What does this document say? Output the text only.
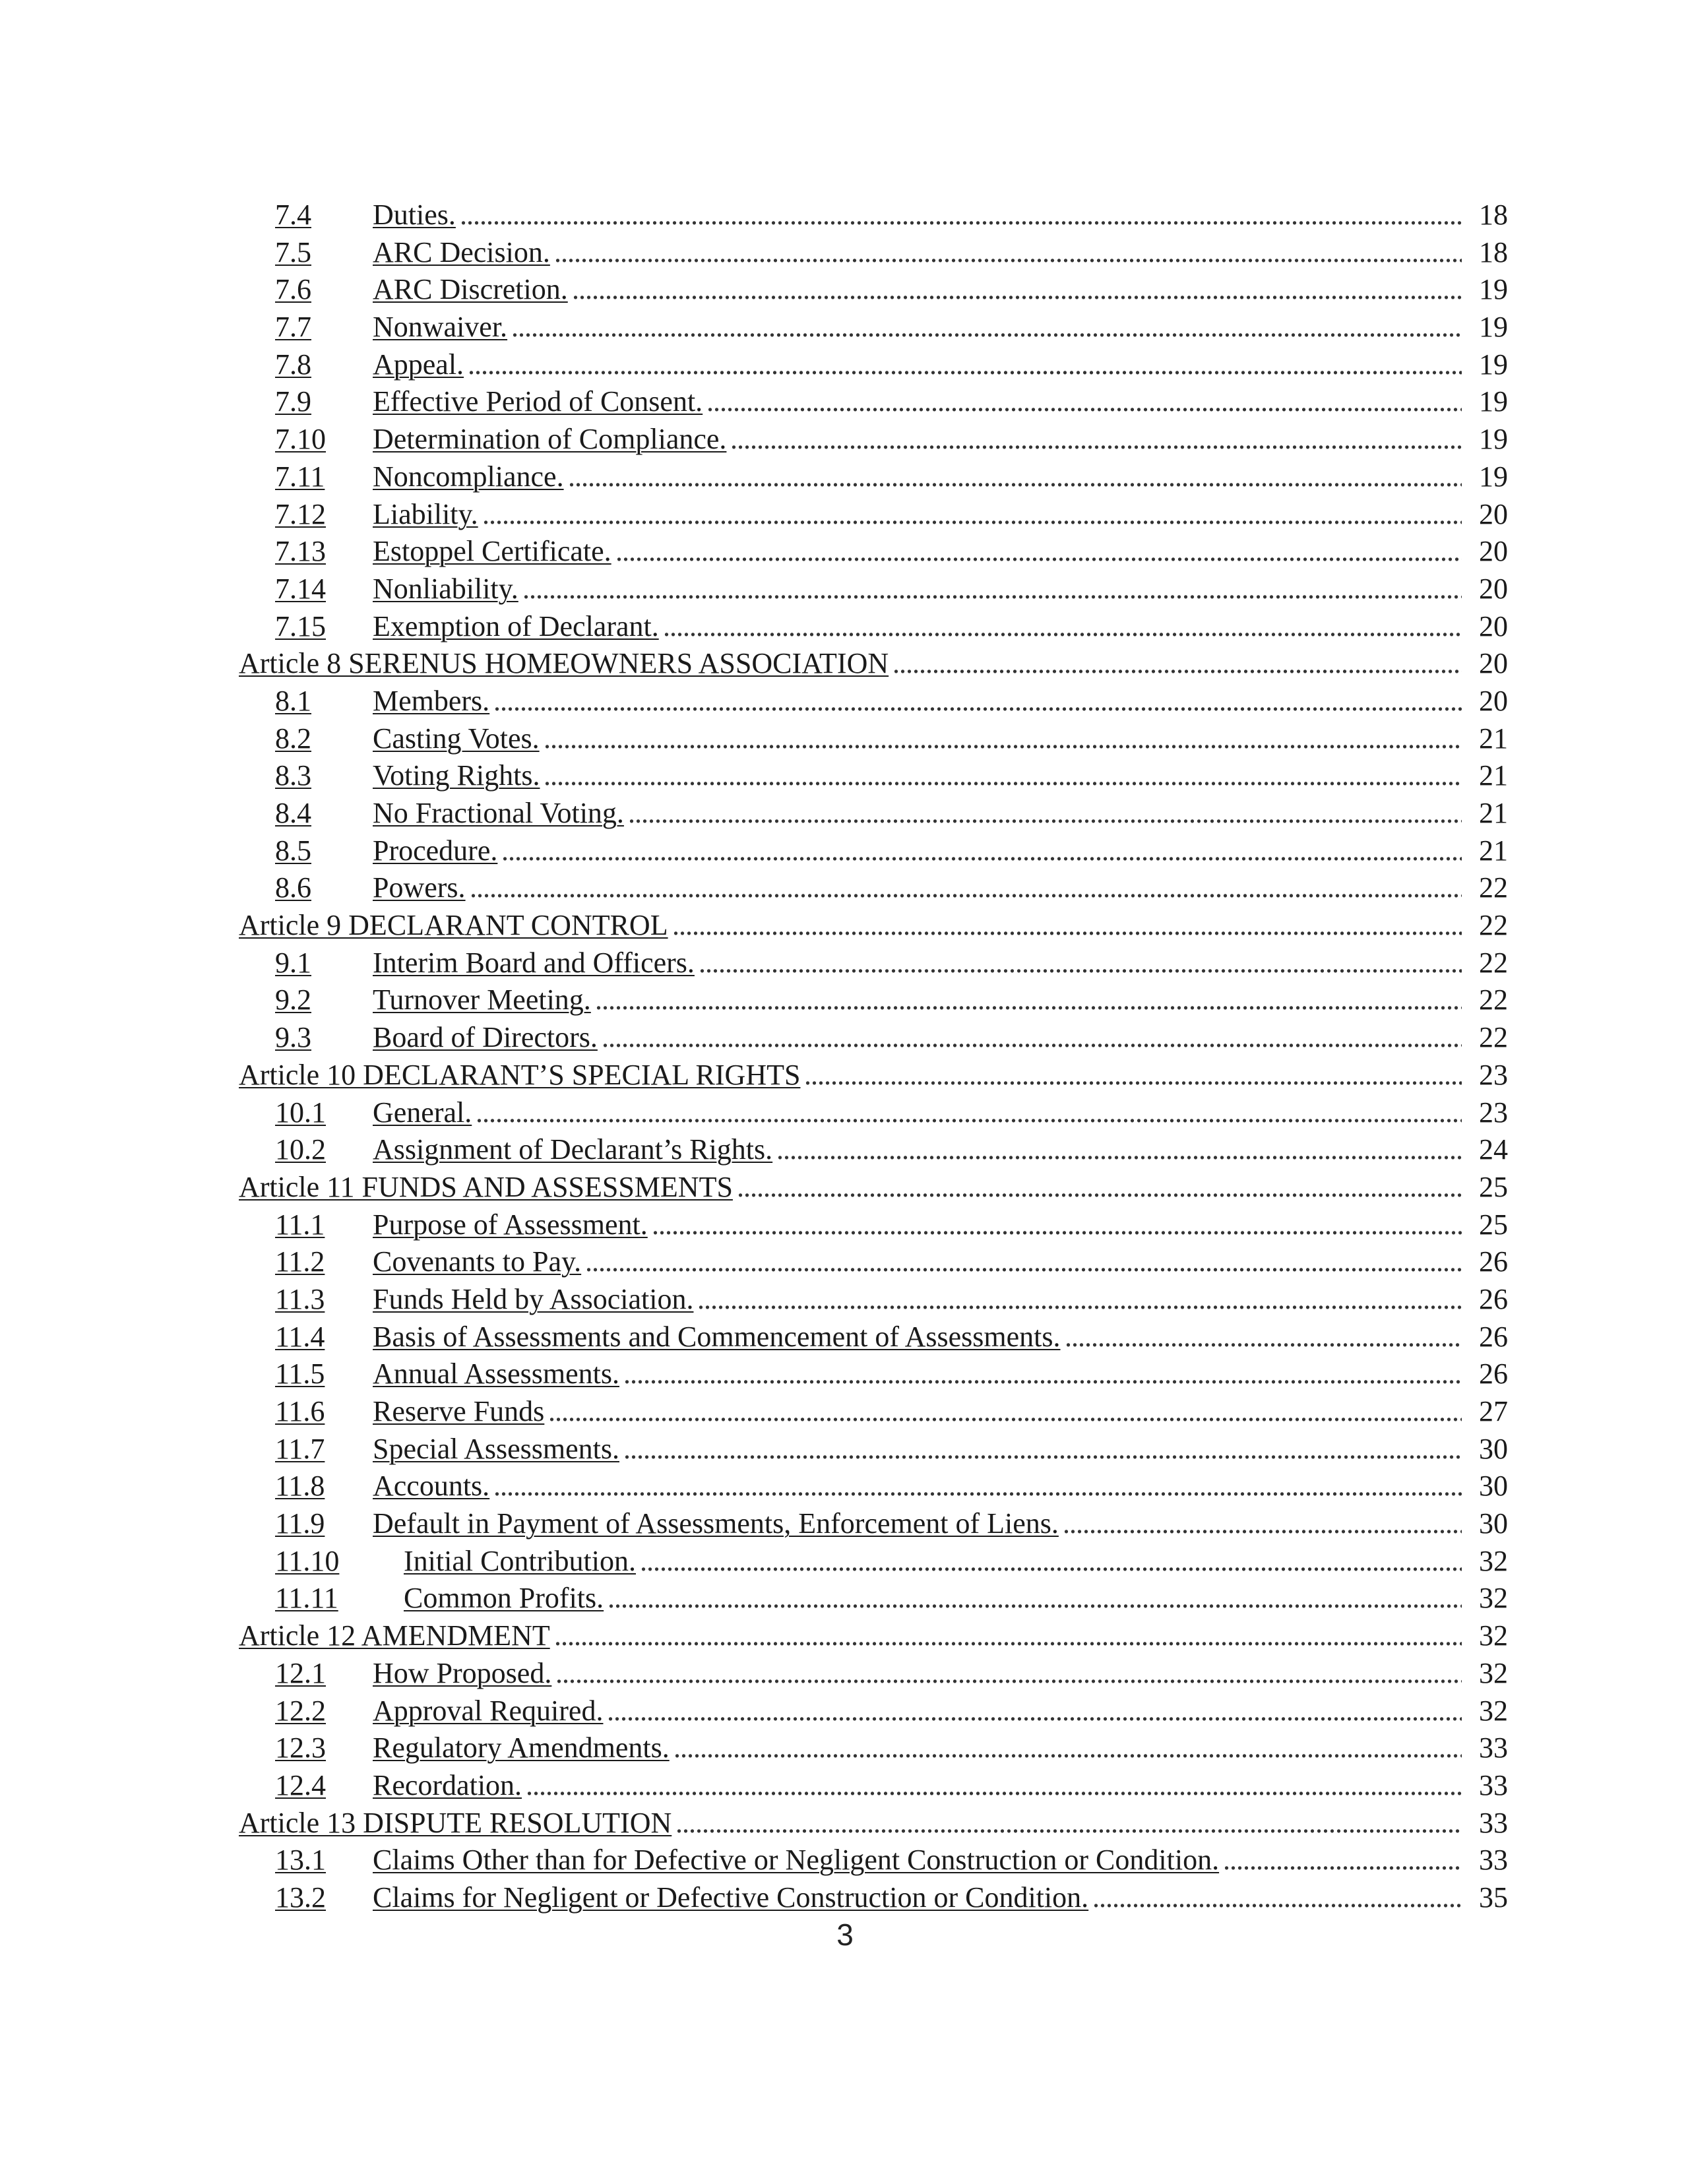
7.4 Duties. . . .	18
7.5 ARC Decision. . . .	18
7.6 ARC Discretion. . . .	19
7.7 Nonwaiver. . . .	19
7.8 Appeal. . . .	19
7.9 Effective Period of Consent. . . .	19
7.10 Determination of Compliance. . . .	19
7.11 Noncompliance. . . .	19
7.12 Liability. . . .	20
7.13 Estoppel Certificate. . . .	20
7.14 Nonliability. . . .	20
7.15 Exemption of Declarant. . . .	20
Article 8 SERENUS HOMEOWNERS ASSOCIATION . . .	20
8.1 Members. . . .	20
8.2 Casting Votes. . . .	21
8.3 Voting Rights. . . .	21
8.4 No Fractional Voting. . . .	21
8.5 Procedure. . . .	21
8.6 Powers. . . .	22
Article 9 DECLARANT CONTROL . . .	22
9.1 Interim Board and Officers. . . .	22
9.2 Turnover Meeting. . . .	22
9.3 Board of Directors. . . .	22
Article 10 DECLARANT’S SPECIAL RIGHTS . . .	23
10.1 General. . . .	23
10.2 Assignment of Declarant’s Rights. . . .	24
Article 11 FUNDS AND ASSESSMENTS . . .	25
11.1 Purpose of Assessment. . . .	25
11.2 Covenants to Pay. . . .	26
11.3 Funds Held by Association. . . .	26
11.4 Basis of Assessments and Commencement of Assessments. . . .	26
11.5 Annual Assessments. . . .	26
11.6 Reserve Funds . . .	27
11.7 Special Assessments. . . .	30
11.8 Accounts. . . .	30
11.9 Default in Payment of Assessments, Enforcement of Liens. . . .	30
11.10 Initial Contribution. . . .	32
11.11 Common Profits. . . .	32
Article 12 AMENDMENT . . .	32
12.1 How Proposed. . . .	32
12.2 Approval Required. . . .	32
12.3 Regulatory Amendments. . . .	33
12.4 Recordation. . . .	33
Article 13 DISPUTE RESOLUTION . . .	33
13.1 Claims Other than for Defective or Negligent Construction or Condition. . . .	33
13.2 Claims for Negligent or Defective Construction or Condition. . . .	35
3
